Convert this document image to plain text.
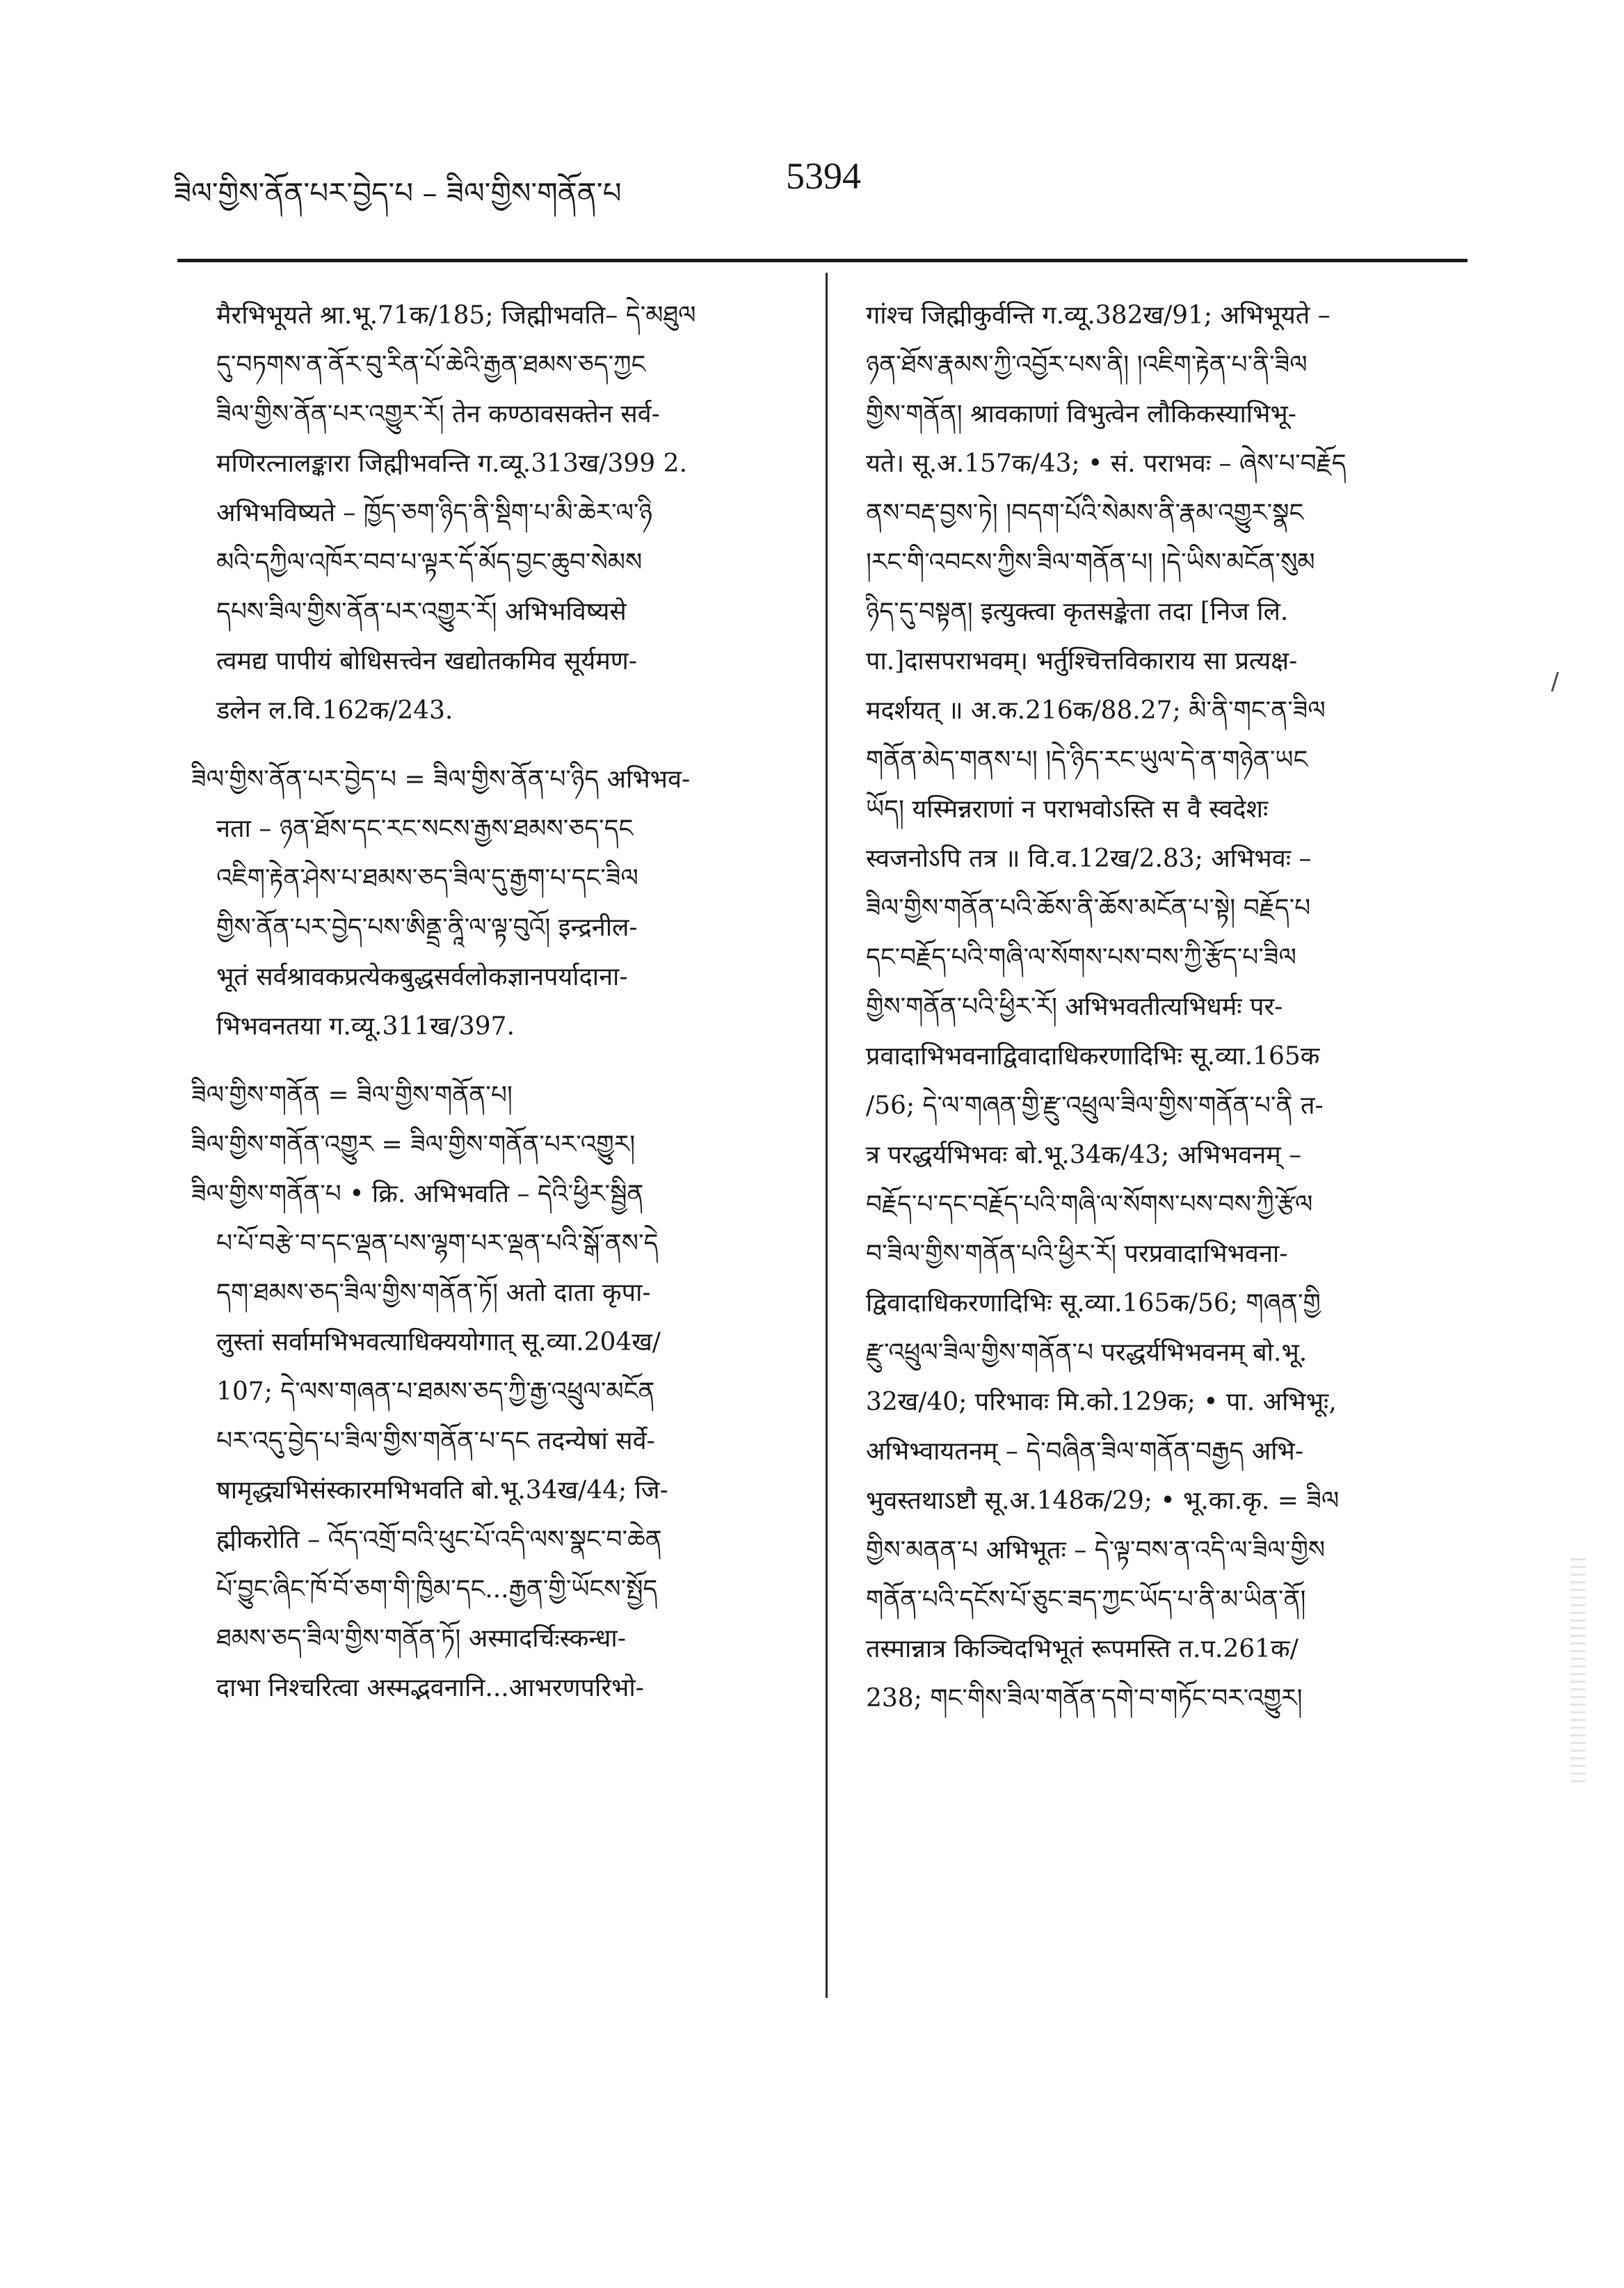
ཟིལ་གྱིས་ནོན་པར་བྱེད་པ – ཟིལ་གྱིས་གནོན་པ	5394
मैरभिभूयते श्रा.भू.71क/185; जिह्मीभवति– དེ་མཐུལ
དུ་བཏགས་ན་ནོར་བུ་རིན་པོ་ཆེའི་རྒྱན་ཐམས་ཅད་ཀྱང
ཟིལ་གྱིས་ནོན་པར་འགྱུར་རོ། तेन कण्ठावसक्तेन सर्व-
मणिरत्नालङ्कारा जिह्मीभवन्ति ग.व्यू.313ख/399 2.
अभिभविष्यते – ཁྱོད་ཅག་ཉིད་ནི་སྡིག་པ་མི་ཆེར་ལ་ཉི
མའི་དཀྱིལ་འཁོར་བབ་པ་ལྟར་དོ་མོད་བྱང་ཆུབ་སེམས
དཔས་ཟིལ་གྱིས་ནོན་པར་འགྱུར་རོ། अभिभविष्यसे
त्वमद्य पापीयं बोधिसत्त्वेन खद्योतकमिव सूर्यमण-
डलेन ल.वि.162क/243.
ཟིལ་གྱིས་ནོན་པར་བྱེད་པ = ཟིལ་གྱིས་ནོན་པ་ཉིད अभिभव-
नता – ཉན་ཐོས་དང་རང་སངས་རྒྱས་ཐམས་ཅད་དང
འཇིག་རྟེན་ཤེས་པ་ཐམས་ཅད་ཟིལ་དུ་རྒྱག་པ་དང་ཟིལ
གྱིས་ནོན་པར་བྱེད་པས་ཨིནྡྲ་ནཱི་ལ་ལྟ་བུའོ། इन्द्रनील-
भूतं सर्वश्रावकप्रत्येकबुद्धसर्वलोकज्ञानपर्यादाना-
भिभवनतया ग.व्यू.311ख/397.
ཟིལ་གྱིས་གནོན = ཟིལ་གྱིས་གནོན་པ།
ཟིལ་གྱིས་གནོན་འགྱུར = ཟིལ་གྱིས་གནོན་པར་འགྱུར།
ཟིལ་གྱིས་གནོན་པ • क्रि. अभिभवति – དེའི་ཕྱིར་སྦྱིན
པ་པོ་བརྩེ་བ་དང་ལྡན་པས་ལྷག་པར་ལྡན་པའི་སྒོ་ནས་དེ
དག་ཐམས་ཅད་ཟིལ་གྱིས་གནོན་ཏོ། अतो दाता कृपा-
लुस्तां सर्वामभिभवत्याधिक्ययोगात् सू.व्या.204ख/
107; དེ་ལས་གཞན་པ་ཐམས་ཅད་ཀྱི་རྒྱ་འཕྲུལ་མངོན
པར་འདུ་བྱེད་པ་ཟིལ་གྱིས་གནོན་པ་དང तदन्येषां सर्वे-
षामृद्ध्यभिसंस्कारमभिभवति बो.भू.34ख/44; जि-
ह्मीकरोति – འོད་འགྲོ་བའི་ཕུང་པོ་འདི་ལས་སྣང་བ་ཆེན
པོ་བྱུང་ཞིང་ཁོ་བོ་ཅག་གི་ཁྱིམ་དང...རྒྱན་གྱི་ཡོངས་སྤྱོད
ཐམས་ཅད་ཟིལ་གྱིས་གནོན་ཏོ། अस्मादर्चिःस्कन्धा-
दाभा निश्चरित्वा अस्मद्भवनानि...आभरणपरिभो-
गांश्च जिह्मीकुर्वन्ति ग.व्यू.382ख/91; अभिभूयते –
ཉན་ཐོས་རྣམས་ཀྱི་འབྱོར་པས་ནི། །འཇིག་རྟེན་པ་ནི་ཟིལ
གྱིས་གནོན། श्रावकाणां विभुत्वेन लौकिकस्याभिभू-
यते। सू.अ.157क/43; • सं. पराभवः – ཞེས་པ་བརྗོད
ནས་བརྡ་བྱས་ཏེ། །བདག་པོའི་སེམས་ནི་རྣམ་འགྱུར་སྣང
།རང་གི་འབངས་ཀྱིས་ཟིལ་གནོན་པ། །དེ་ཡིས་མངོན་སུམ
ཉིད་དུ་བསྟན། इत्युक्त्वा कृतसङ्केता तदा [निज लि.
पा.]दासपराभवम्। भर्तुश्चित्तविकाराय सा प्रत्यक्ष-
मदर्शयत् ॥ अ.क.216क/88.27; མི་ནི་གང་ན་ཟིལ
གནོན་མེད་གནས་པ། །དེ་ཉིད་རང་ཡུལ་དེ་ན་གཉེན་ཡང
ཡོད། यस्मिन्नराणां न पराभवोऽस्ति स वै स्वदेशः
स्वजनोऽपि तत्र ॥ वि.व.12ख/2.83; अभिभवः –
ཟིལ་གྱིས་གནོན་པའི་ཆོས་ནི་ཆོས་མངོན་པ་སྟེ། བརྗོད་པ
དང་བརྗོད་པའི་གཞི་ལ་སོགས་པས་བས་ཀྱི་རྩོད་པ་ཟིལ
གྱིས་གནོན་པའི་ཕྱིར་རོ། अभिभवतीत्यभिधर्मः पर-
प्रवादाभिभवनाद्विवादाधिकरणादिभिः सू.व्या.165क
/56; དེ་ལ་གཞན་གྱི་རྫུ་འཕྲུལ་ཟིལ་གྱིས་གནོན་པ་ནི त-
त्र परद्धर्यभिभवः बो.भू.34क/43; अभिभवनम् –
བརྗོད་པ་དང་བརྗོད་པའི་གཞི་ལ་སོགས་པས་བས་ཀྱི་རྩོལ
བ་ཟིལ་གྱིས་གནོན་པའི་ཕྱིར་རོ། परप्रवादाभिभवना-
द्विवादाधिकरणादिभिः सू.व्या.165क/56; གཞན་གྱི
རྫུ་འཕྲུལ་ཟིལ་གྱིས་གནོན་པ परद्धर्यभिभवनम् बो.भू.
32ख/40; परिभावः मि.को.129क; • पा. अभिभूः,
अभिभ्वायतनम् – དེ་བཞིན་ཟིལ་གནོན་བརྒྱད अभि-
भुवस्तथाऽष्टौ सू.अ.148क/29; • भू.का.कृ. = ཟིལ
གྱིས་མནན་པ अभिभूतः – དེ་ལྟ་བས་ན་འདི་ལ་ཟིལ་གྱིས
གནོན་པའི་དངོས་པོ་ཅུང་ཟད་ཀྱང་ཡོད་པ་ནི་མ་ཡིན་ནོ།
तस्मान्नात्र किञ्चिदभिभूतं रूपमस्ति त.प.261क/
238; གང་གིས་ཟིལ་གནོན་དགེ་བ་གཏོང་བར་འགྱུར།
/
